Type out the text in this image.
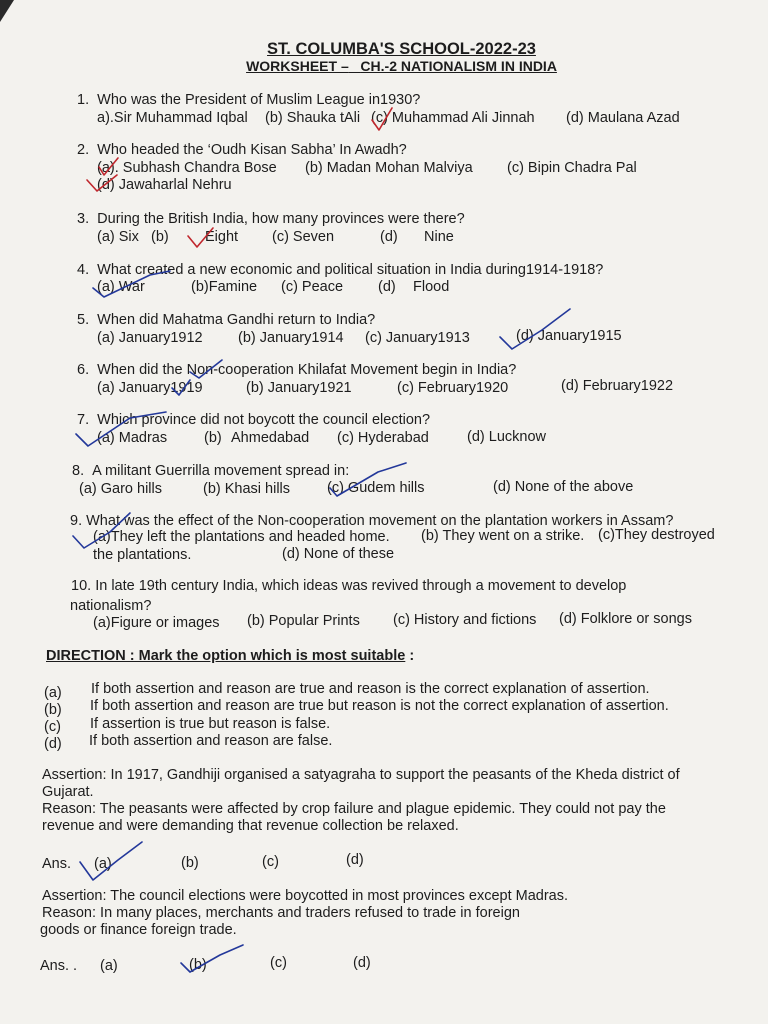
ST. COLUMBA'S SCHOOL-2022-23
WORKSHEET – CH.-2 NATIONALISM IN INDIA
1. Who was the President of Muslim League in1930?
a).Sir Muhammad Iqbal (b) Shauka tAli (c) Muhammad Ali Jinnah (d) Maulana Azad
2. Who headed the ‘Oudh Kisan Sabha’ In Awadh?
(a). Subhash Chandra Bose (b) Madan Mohan Malviya (c) Bipin Chadra Pal
(d) Jawaharlal Nehru
3. During the British India, how many provinces were there?
(a) Six (b)	Eight (c) Seven	(d) Nine
4. What created a new economic and political situation in India during1914-1918?
(a) War	(b)Famine (c) Peace (d) Flood
5. When did Mahatma Gandhi return to India?
(a) January1912 (b) January1914 (c) January1913	(d) January1915
6. When did the Non-cooperation Khilafat Movement begin in India?
(a) January1919	(b) January1921	(c) February1920	(d) February1922
7. Which province did not boycott the council election?
(a) Madras	(b) Ahmedabad (c) Hyderabad	(d) Lucknow
8. A militant Guerrilla movement spread in:
(a) Garo hills	(b) Khasi hills	(c) Gudem hills	(d) None of the above
9. What was the effect of the Non-cooperation movement on the plantation workers in Assam?
(a)They left the plantations and headed home. (b) They went on a strike. (c)They destroyed
the plantations.	(d) None of these
10. In late 19th century India, which ideas was revived through a movement to develop
nationalism?
(a)Figure or images (b) Popular Prints (c) History and fictions (d) Folklore or songs
DIRECTION : Mark the option which is most suitable :
(a) If both assertion and reason are true and reason is the correct explanation of assertion.
(b) If both assertion and reason are true but reason is not the correct explanation of assertion.
(c) If assertion is true but reason is false.
(d) If both assertion and reason are false.
Assertion: In 1917, Gandhiji organised a satyagraha to support the peasants of the Kheda district of
Gujarat.
Reason: The peasants were affected by crop failure and plague epidemic. They could not pay the
revenue and were demanding that revenue collection be relaxed.
Ans. (a)	(b)	(c)	(d)
Assertion: The council elections were boycotted in most provinces except Madras.
Reason: In many places, merchants and traders refused to trade in foreign
goods or finance foreign trade.
Ans. . (a)	(b)	(c)	(d)
